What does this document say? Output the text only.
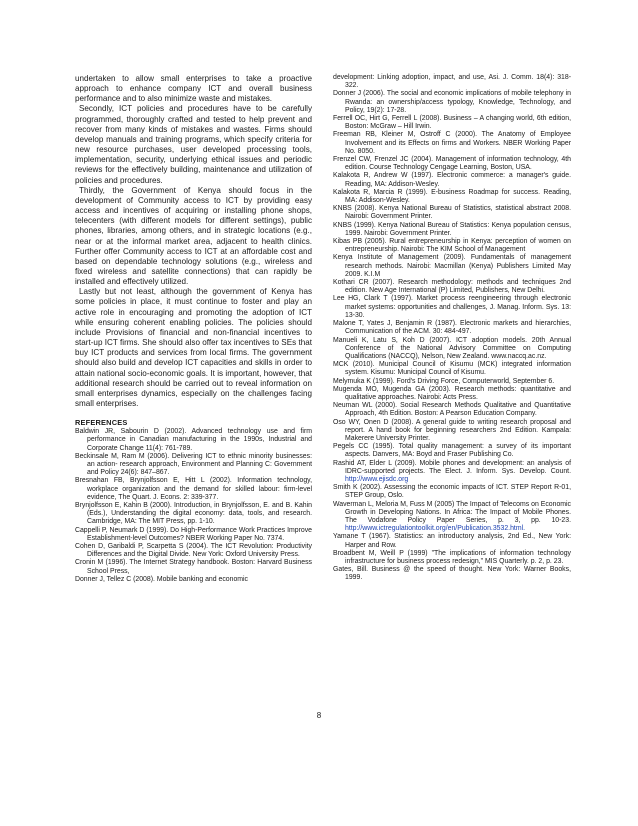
undertaken to allow small enterprises to take a proactive approach to enhance company ICT and overall business performance and to also minimize waste and mistakes.

Secondly, ICT policies and procedures have to be carefully programmed, thoroughly crafted and tested to help prevent and recover from many kinds of mistakes and wastes. Firms should develop manuals and training programs, which specify criteria for new resource purchases, user developed processing tools, implementation, security, underlying ethical issues and periodic reviews for the effectively building, maintenance and utilization of policies and procedures.

Thirdly, the Government of Kenya should focus in the development of Community access to ICT by providing easy access and incentives of acquiring or installing phone shops, telecenters (with different models for different settings), public phones, libraries, among others, and in strategic locations (e.g., near or at the informal market area, adjacent to health clinics. Further offer Community access to ICT at an affordable cost and based on dependable technology solutions (e.g., wireless and fixed wireless and satellite connections) that can rapidly be installed and effectively utilized.

Lastly but not least, although the government of Kenya has some policies in place, it must continue to foster and play an active role in encouraging and promoting the adoption of ICT while ensuring coherent enabling policies. The policies should include Provisions of financial and non-financial incentives to start-up ICT firms. She should also offer tax incentives to SEs that buy ICT products and services from local firms. The government should also build and develop ICT capacities and skills in order to attain national socio-economic goals. It is important, however, that additional research should be carried out to reveal information on small enterprises dynamics, especially on the challenges facing small enterprises.

REFERENCES
Baldwin JR, Sabourin D (2002). Advanced technology use and firm performance in Canadian manufacturing in the 1990s, Industrial and Corporate Change 11(4): 761-789.
Beckinsale M, Ram M (2006). Delivering ICT to ethnic minority businesses: an action- research approach, Environment and Planning C: Government and Policy 24(6): 847–867.
Bresnahan FB, Brynjolfsson E, Hitt L (2002). Information technology, workplace organization and the demand for skilled labour: firm-level evidence, The Quart. J. Econs. 2: 339-377.
Brynjolfsson E, Kahin B (2000). Introduction, in Brynjolfsson, E. and B. Kahin (Eds.), Understanding the digital economy: data, tools, and research. Cambridge, MA: The MIT Press, pp. 1-10.
Cappelli P, Neumark D (1999). Do High-Performance Work Practices Improve Establishment-level Outcomes? NBER Working Paper No. 7374.
Cohen D, Garibaldi P, Scarpetta S (2004). The ICT Revolution: Productivity Differences and the Digital Divide. New York: Oxford University Press.
Cronin M (1996). The Internet Strategy handbook. Boston: Harvard Business School Press,
Donner J, Tellez C (2008). Mobile banking and economic
development: Linking adoption, impact, and use, Asi. J. Comm. 18(4): 318-322.
Donner J (2006). The social and economic implications of mobile telephony in Rwanda: an ownership/access typology, Knowledge, Technology, and Policy, 19(2): 17-28.
Ferrell OC, Hirt G, Ferrell L (2008). Business – A changing world, 6th edition, Boston: McGraw – Hill Irwin.
Freeman RB, Kleiner M, Ostroff C (2000). The Anatomy of Employee Involvement and its Effects on firms and Workers. NBER Working Paper No. 8050.
Frenzel CW, Frenzel JC (2004). Management of information technology, 4th edition. Course Technology Cengage Learning, Boston, USA.
Kalakota R, Andrew W (1997). Electronic commerce: a manager's guide. Reading, MA: Addison-Wesley.
Kalakota R, Marcia R (1999). E-business Roadmap for success. Reading, MA: Addison-Wesley.
KNBS (2008). Kenya National Bureau of Statistics, statistical abstract 2008. Nairobi: Government Printer.
KNBS (1999). Kenya National Bureau of Statistics: Kenya population census, 1999. Nairobi: Government Printer.
Kibas PB (2005). Rural entrepreneurship in Kenya: perception of women on entrepreneurship. Nairobi: The KIM School of Management
Kenya Institute of Management (2009). Fundamentals of management research methods. Nairobi: Macmillan (Kenya) Publishers Limited May 2009. K.I.M
Kothari CR (2007). Research methodology: methods and techniques 2nd edition. New Age International (P) Limited, Publishers, New Delhi.
Lee HG, Clark T (1997). Market process reengineering through electronic market systems: opportunities and challenges, J. Manag. Inform. Sys. 13: 13-30.
Malone T, Yates J, Benjamin R (1987). Electronic markets and hierarchies, Communication of the ACM. 30: 484-497.
Manueli K, Latu S, Koh D (2007). ICT adoption models. 20th Annual Conference of the National Advisory Committee on Computing Qualifications (NACCQ), Nelson, New Zealand. www.naccq.ac.nz.
MCK (2010). Municipal Council of Kisumu (MCK) integrated information system. Kisumu: Municipal Council of Kisumu.
Melymuka K (1999). Ford's Driving Force, Computerworld, September 6.
Mugenda MO, Mugenda GA (2003). Research methods: quantitative and qualitative approaches. Nairobi: Acts Press.
Neuman WL (2000). Social Research Methods Qualitative and Quantitative Approach, 4th Edition. Boston: A Pearson Education Company.
Oso WY, Onen D (2008). A general guide to writing research proposal and report. A hand book for beginning researchers 2nd Edition. Kampala: Makerere University Printer.
Pegels CC (1995). Total quality management: a survey of its important aspects. Danvers, MA: Boyd and Fraser Publishing Co.
Rashid AT, Elder L (2009). Mobile phones and development: an analysis of IDRC-supported projects. The Elect. J. Inform. Sys. Develop. Count. http://www.ejisdc.org
Smith K (2002). Assessing the economic impacts of ICT. STEP Report R-01, STEP Group, Oslo.
Waverman L, Meloria M, Fuss M (2005) The Impact of Telecoms on Economic Growth in Developing Nations. In Africa: The Impact of Mobile Phones. The Vodafone Policy Paper Series, p. 3, pp. 10-23. http://www.ictregulationtoolkit.org/en/Publication.3532.html.
Yamane T (1967). Statistics: an introductory analysis, 2nd Ed., New York: Harper and Row.
Broadbent M, Weill P (1999) "The implications of information technology infrastructure for business process redesign," MIS Quarterly. p. 2, p. 23.
Gates, Bill. Business @ the speed of thought. New York: Warner Books, 1999.
8
